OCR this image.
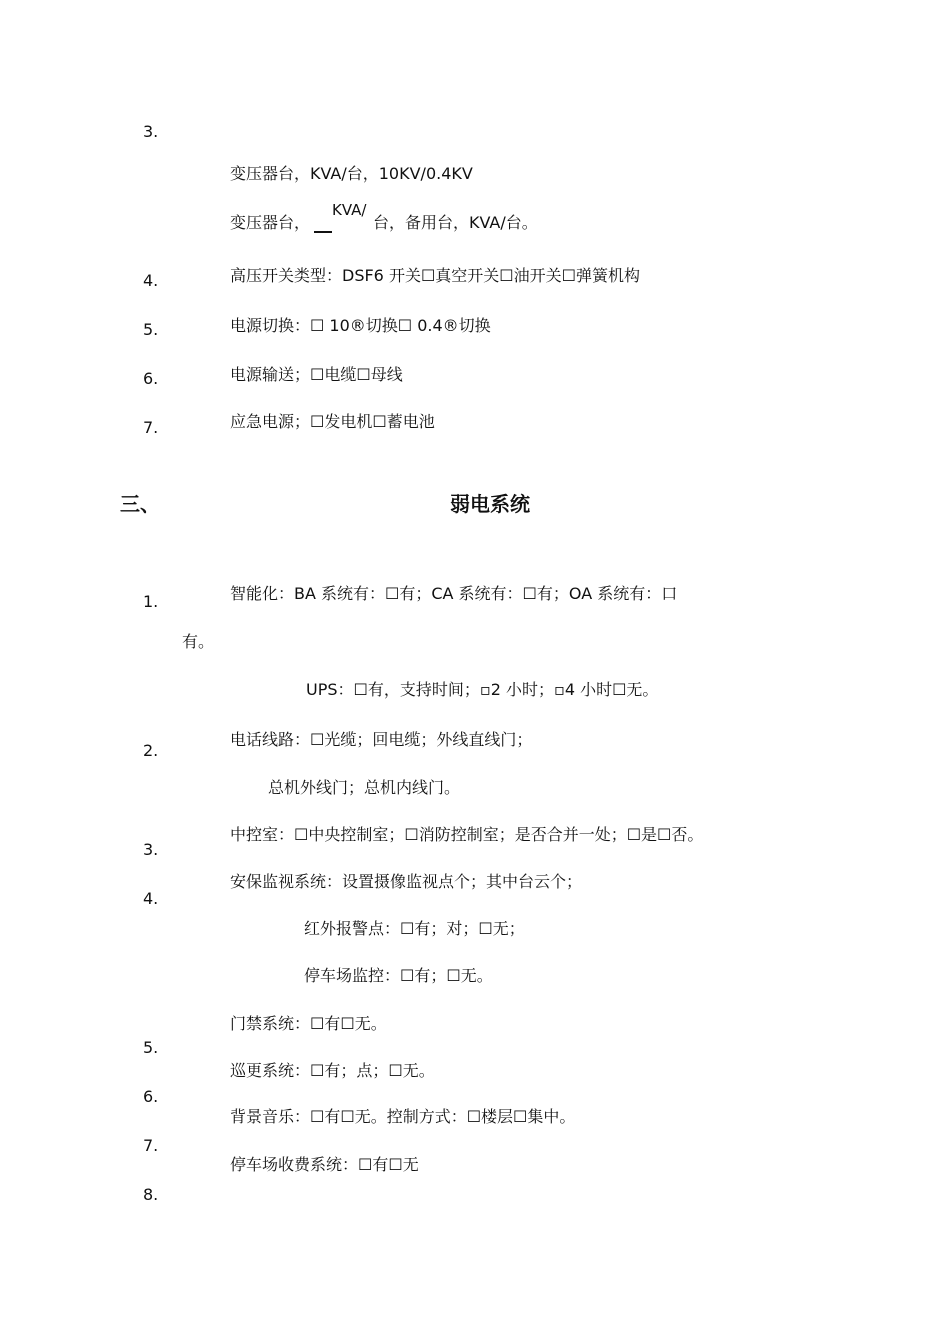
3.
变压器台，KVA/台，10KV/0.4KV
变压器台，
KVA/
台，备用台，KVA/台。
4.	高压开关类型：DSF6 开关☐真空开关☐油开关☐弹簧机构
5.	电源切换：☐ 10®切换☐ 0.4®切换
6.	电源输送；☐电缆☐母线
7.	应急电源；☐发电机☐蓄电池
三、	弱电系统
1.	智能化：BA 系统有：☐有；CA 系统有：☐有；OA 系统有：口
有。
UPS：☐有，支持时间；▫2 小时；▫4 小时☐无。
2.
电话线路：☐光缆；回电缆；外线直线门；
总机外线门；总机内线门。
3.
中控室：☐中央控制室；☐消防控制室；是否合并一处；☐是☐否。
4.
安保监视系统：设置摄像监视点个；其中台云个；
红外报警点：☐有；对；☐无；
停车场监控：☐有；☐无。
门禁系统：☐有☐无。
5.
巡更系统：☐有；点；☐无。
6.
背景音乐：☐有☐无。控制方式：☐楼层☐集中。
7.
停车场收费系统：☐有☐无
8.
